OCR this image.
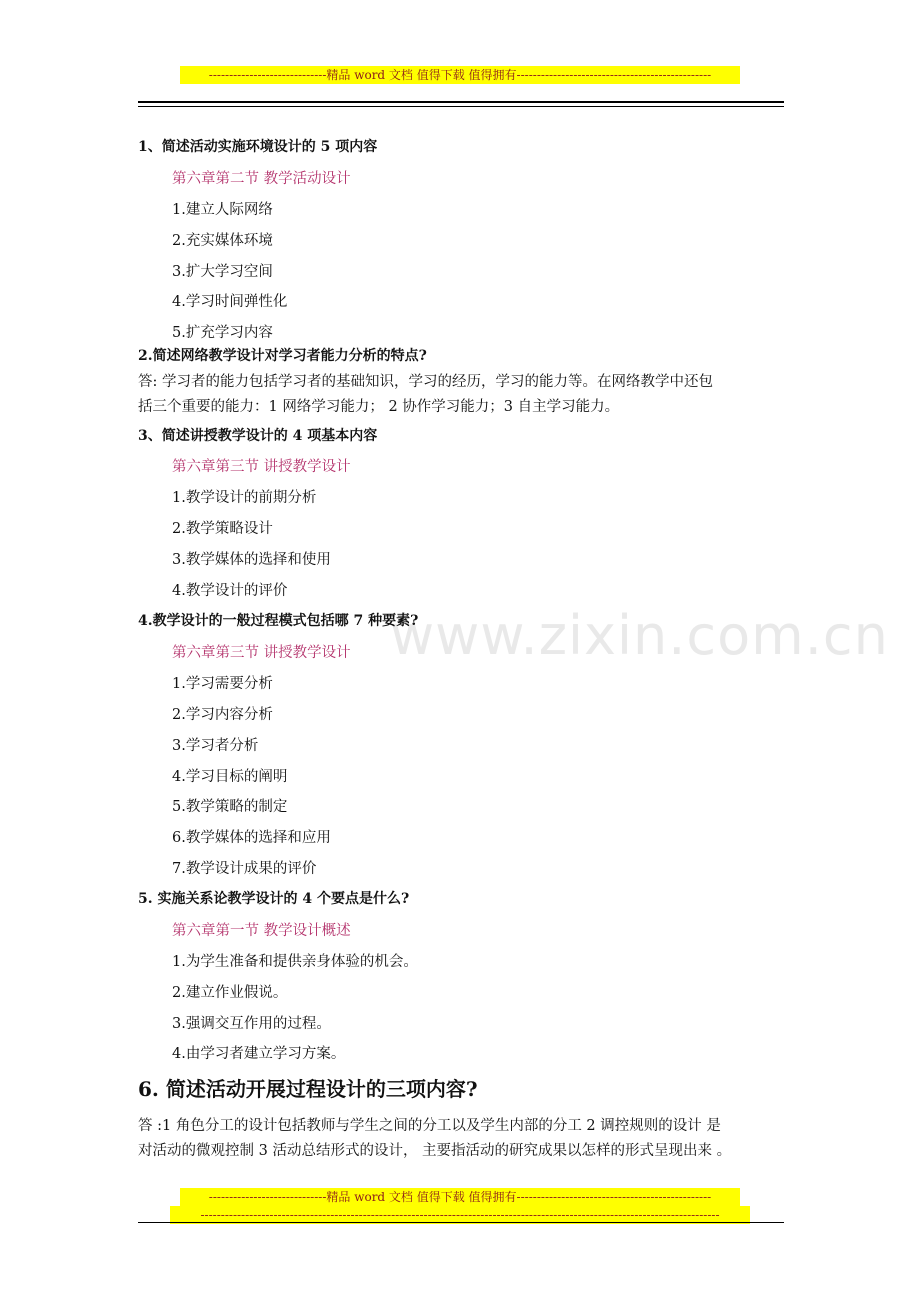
-----------------------------精品 word 文档 值得下载 值得拥有------------------------------------------------
www.zixin.com.cn
1、简述活动实施环境设计的 5 项内容
第六章第二节 教学活动设计
1.建立人际网络
2.充实媒体环境
3.扩大学习空间
4.学习时间弹性化
5.扩充学习内容
2.简述网络教学设计对学习者能力分析的特点?
答: 学习者的能力包括学习者的基础知识，学习的经历，学习的能力等。在网络教学中还包
括三个重要的能力：1 网络学习能力； 2 协作学习能力；3 自主学习能力。
3、简述讲授教学设计的 4 项基本内容
第六章第三节 讲授教学设计
1.教学设计的前期分析
2.教学策略设计
3.教学媒体的选择和使用
4.教学设计的评价
4.教学设计的一般过程模式包括哪 7 种要素?
第六章第三节 讲授教学设计
1.学习需要分析
2.学习内容分析
3.学习者分析
4.学习目标的阐明
5.教学策略的制定
6.教学媒体的选择和应用
7.教学设计成果的评价
5. 实施关系论教学设计的 4 个要点是什么?
第六章第一节 教学设计概述
1.为学生准备和提供亲身体验的机会。
2.建立作业假说。
3.强调交互作用的过程。
4.由学习者建立学习方案。
6. 简述活动开展过程设计的三项内容?
答 :1 角色分工的设计包括教师与学生之间的分工以及学生内部的分工 2 调控规则的设计 是
对活动的微观控制 3 活动总结形式的设计， 主要指活动的研究成果以怎样的形式呈现出来 。
-----------------------------精品 word 文档 值得下载 值得拥有------------------------------------------------
--------------------------------------------------------------------------------------------------------------------------------
